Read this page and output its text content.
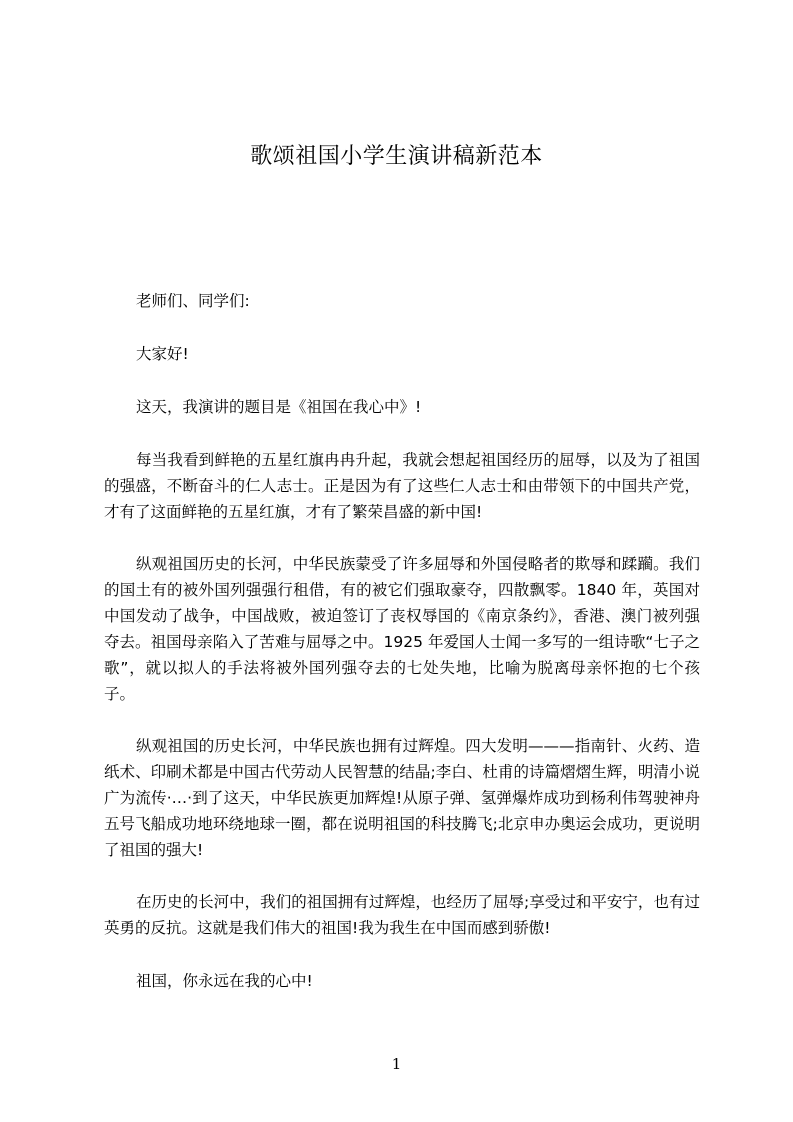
歌颂祖国小学生演讲稿新范本

老师们、同学们:

大家好!

这天，我演讲的题目是《祖国在我心中》!

每当我看到鲜艳的五星红旗冉冉升起，我就会想起祖国经历的屈辱，以及为了祖国的强盛，不断奋斗的仁人志士。正是因为有了这些仁人志士和由带领下的中国共产党，才有了这面鲜艳的五星红旗，才有了繁荣昌盛的新中国!

纵观祖国历史的长河，中华民族蒙受了许多屈辱和外国侵略者的欺辱和蹂躏。我们的国土有的被外国列强强行租借，有的被它们强取豪夺，四散飘零。1840 年，英国对中国发动了战争，中国战败，被迫签订了丧权辱国的《南京条约》，香港、澳门被列强夺去。祖国母亲陷入了苦难与屈辱之中。1925 年爱国人士闻一多写的一组诗歌“七子之歌”，就以拟人的手法将被外国列强夺去的七处失地，比喻为脱离母亲怀抱的七个孩子。

纵观祖国的历史长河，中华民族也拥有过辉煌。四大发明———指南针、火药、造纸术、印刷术都是中国古代劳动人民智慧的结晶;李白、杜甫的诗篇熠熠生辉，明清小说广为流传·…·到了这天，中华民族更加辉煌!从原子弹、氢弹爆炸成功到杨利伟驾驶神舟五号飞船成功地环绕地球一圈，都在说明祖国的科技腾飞;北京申办奥运会成功，更说明了祖国的强大!

在历史的长河中，我们的祖国拥有过辉煌，也经历了屈辱;享受过和平安宁，也有过英勇的反抗。这就是我们伟大的祖国!我为我生在中国而感到骄傲!

祖国，你永远在我的心中!

1
